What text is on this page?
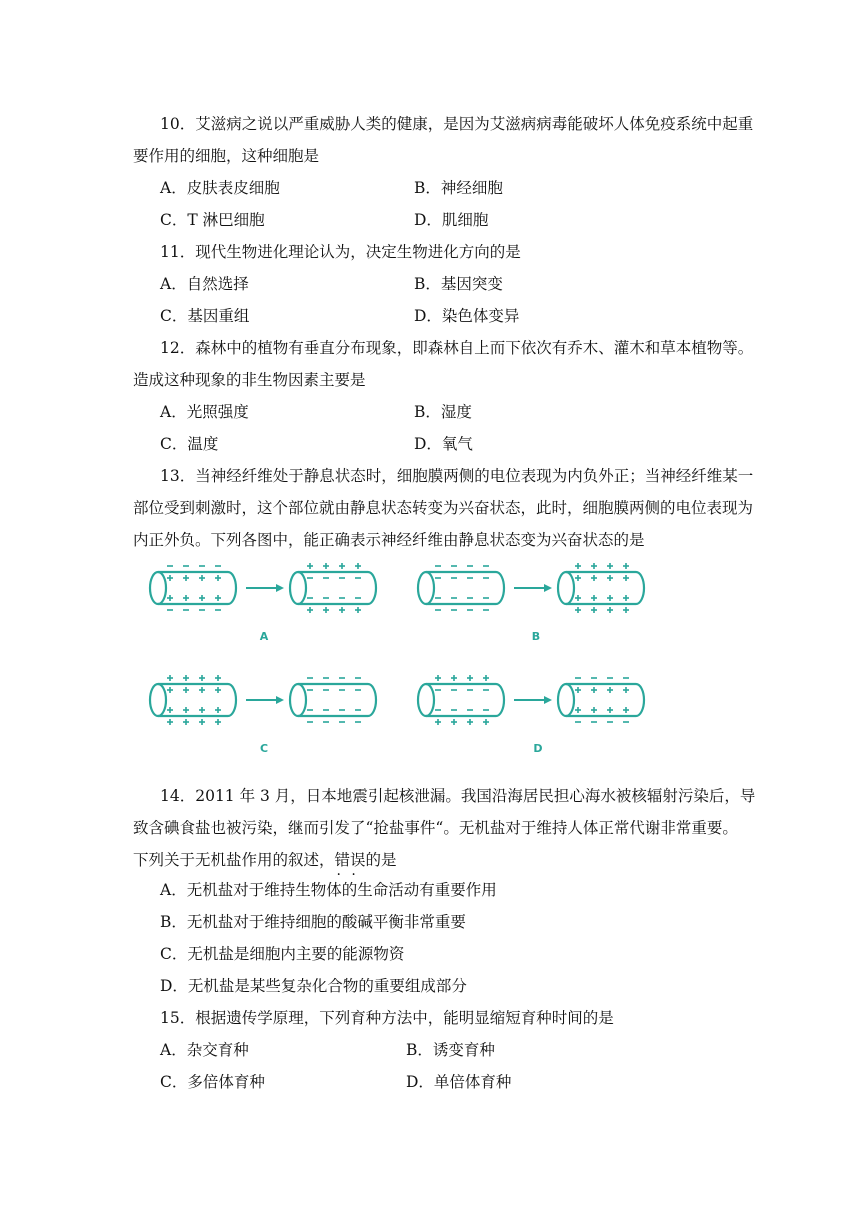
10．艾滋病之说以严重威胁人类的健康，是因为艾滋病病毒能破坏人体免疫系统中起重
要作用的细胞，这种细胞是
A．皮肤表皮细胞	B．神经细胞
C．T 淋巴细胞	D．肌细胞
11．现代生物进化理论认为，决定生物进化方向的是
A．自然选择	B．基因突变
C．基因重组	D．染色体变异
12．森林中的植物有垂直分布现象，即森林自上而下依次有乔木、灌木和草本植物等。
造成这种现象的非生物因素主要是
A．光照强度	B．湿度
C．温度	D．氧气
13．当神经纤维处于静息状态时，细胞膜两侧的电位表现为内负外正；当神经纤维某一
部位受到刺激时，这个部位就由静息状态转变为兴奋状态，此时，细胞膜两侧的电位表现为
内正外负。下列各图中，能正确表示神经纤维由静息状态变为兴奋状态的是
A	B
C	D
14．2011 年 3 月，日本地震引起核泄漏。我国沿海居民担心海水被核辐射污染后，导
致含碘食盐也被污染，继而引发了“抢盐事件“。无机盐对于维持人体正常代谢非常重要。
下列关于无机盐作用的叙述，错误 · ·的是
A．无机盐对于维持生物体的生命活动有重要作用
B．无机盐对于维持细胞的酸碱平衡非常重要
C．无机盐是细胞内主要的能源物资
D．无机盐是某些复杂化合物的重要组成部分
15．根据遗传学原理，下列育种方法中，能明显缩短育种时间的是
A．杂交育种	B．诱变育种
C．多倍体育种	D．单倍体育种
